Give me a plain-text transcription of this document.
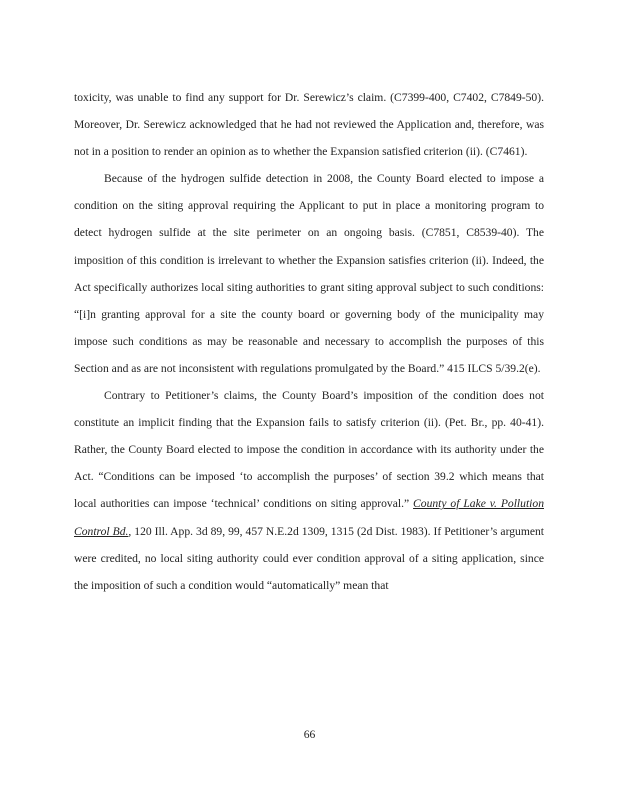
toxicity, was unable to find any support for Dr. Serewicz’s claim. (C7399-400, C7402, C7849-50). Moreover, Dr. Serewicz acknowledged that he had not reviewed the Application and, therefore, was not in a position to render an opinion as to whether the Expansion satisfied criterion (ii). (C7461).

Because of the hydrogen sulfide detection in 2008, the County Board elected to impose a condition on the siting approval requiring the Applicant to put in place a monitoring program to detect hydrogen sulfide at the site perimeter on an ongoing basis. (C7851, C8539-40). The imposition of this condition is irrelevant to whether the Expansion satisfies criterion (ii). Indeed, the Act specifically authorizes local siting authorities to grant siting approval subject to such conditions: “[i]n granting approval for a site the county board or governing body of the municipality may impose such conditions as may be reasonable and necessary to accomplish the purposes of this Section and as are not inconsistent with regulations promulgated by the Board.” 415 ILCS 5/39.2(e).

Contrary to Petitioner’s claims, the County Board’s imposition of the condition does not constitute an implicit finding that the Expansion fails to satisfy criterion (ii). (Pet. Br., pp. 40-41). Rather, the County Board elected to impose the condition in accordance with its authority under the Act. “Conditions can be imposed ‘to accomplish the purposes’ of section 39.2 which means that local authorities can impose ‘technical’ conditions on siting approval.” County of Lake v. Pollution Control Bd., 120 Ill. App. 3d 89, 99, 457 N.E.2d 1309, 1315 (2d Dist. 1983). If Petitioner’s argument were credited, no local siting authority could ever condition approval of a siting application, since the imposition of such a condition would “automatically” mean that

66
